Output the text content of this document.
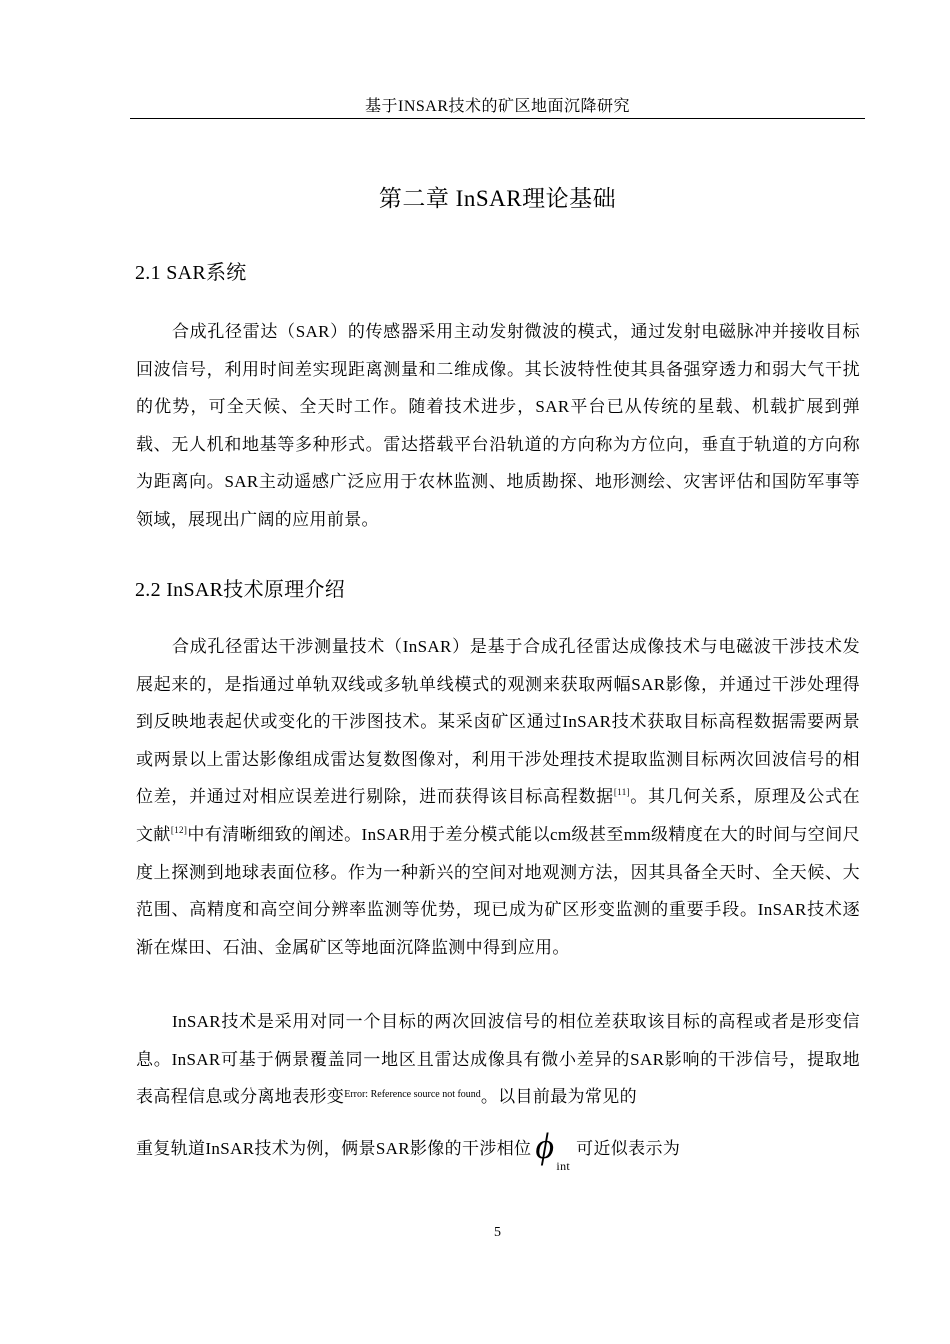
基于INSAR技术的矿区地面沉降研究
第二章 InSAR理论基础
2.1 SAR系统
合成孔径雷达（SAR）的传感器采用主动发射微波的模式，通过发射电磁脉冲并接收目标回波信号，利用时间差实现距离测量和二维成像。其长波特性使其具备强穿透力和弱大气干扰的优势，可全天候、全天时工作。随着技术进步，SAR平台已从传统的星载、机载扩展到弹载、无人机和地基等多种形式。雷达搭载平台沿轨道的方向称为方位向，垂直于轨道的方向称为距离向。SAR主动遥感广泛应用于农林监测、地质勘探、地形测绘、灾害评估和国防军事等领域，展现出广阔的应用前景。
2.2 InSAR技术原理介绍
合成孔径雷达干涉测量技术（InSAR）是基于合成孔径雷达成像技术与电磁波干涉技术发展起来的，是指通过单轨双线或多轨单线模式的观测来获取两幅SAR影像，并通过干涉处理得到反映地表起伏或变化的干涉图技术。某采卤矿区通过InSAR技术获取目标高程数据需要两景或两景以上雷达影像组成雷达复数图像对，利用干涉处理技术提取监测目标两次回波信号的相位差，并通过对相应误差进行剔除，进而获得该目标高程数据[11]。其几何关系，原理及公式在文献[12]中有清晰细致的阐述。InSAR用于差分模式能以cm级甚至mm级精度在大的时间与空间尺度上探测到地球表面位移。作为一种新兴的空间对地观测方法，因其具备全天时、全天候、大范围、高精度和高空间分辨率监测等优势，现已成为矿区形变监测的重要手段。InSAR技术逐渐在煤田、石油、金属矿区等地面沉降监测中得到应用。
InSAR技术是采用对同一个目标的两次回波信号的相位差获取该目标的高程或者是形变信息。InSAR可基于俩景覆盖同一地区且雷达成像具有微小差异的SAR影响的干涉信号，提取地表高程信息或分离地表形变$^{Error: Reference source not found}$。以目前最为常见的
重复轨道InSAR技术为例，俩景SAR影像的干涉相位 ϕ int可近似表示为
5
